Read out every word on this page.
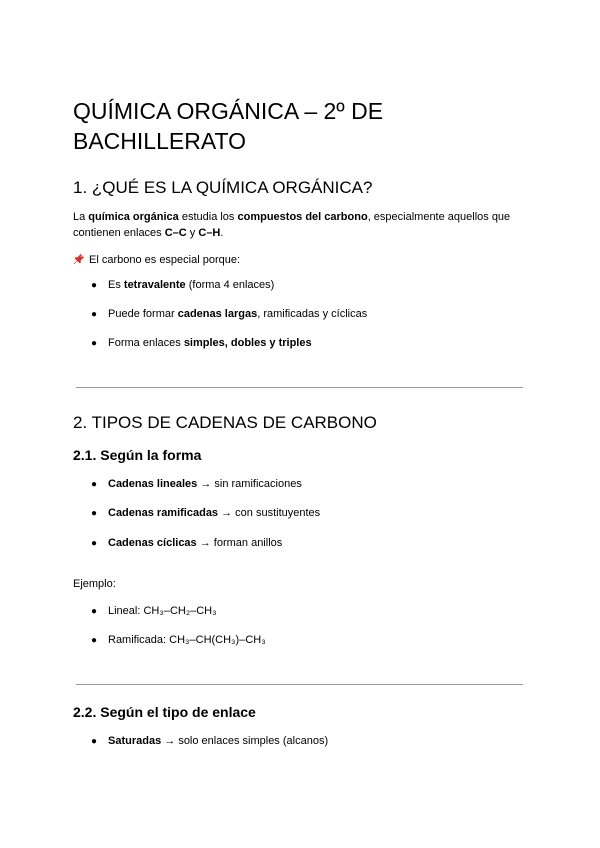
QUÍMICA ORGÁNICA – 2º DE BACHILLERATO
1. ¿QUÉ ES LA QUÍMICA ORGÁNICA?

La química orgánica estudia los compuestos del carbono, especialmente aquellos que contienen enlaces C–C y C–H.

El carbono es especial porque:

● Es tetravalente (forma 4 enlaces)

● Puede formar cadenas largas, ramificadas y cíclicas

● Forma enlaces simples, dobles y triples

2. TIPOS DE CADENAS DE CARBONO
2.1. Según la forma

● Cadenas lineales → sin ramificaciones

● Cadenas ramificadas → con sustituyentes

● Cadenas cíclicas → forman anillos

Ejemplo:

● Lineal: CH₃–CH₂–CH₃

● Ramificada: CH₃–CH(CH₃)–CH₃

2.2. Según el tipo de enlace

● Saturadas → solo enlaces simples (alcanos)
